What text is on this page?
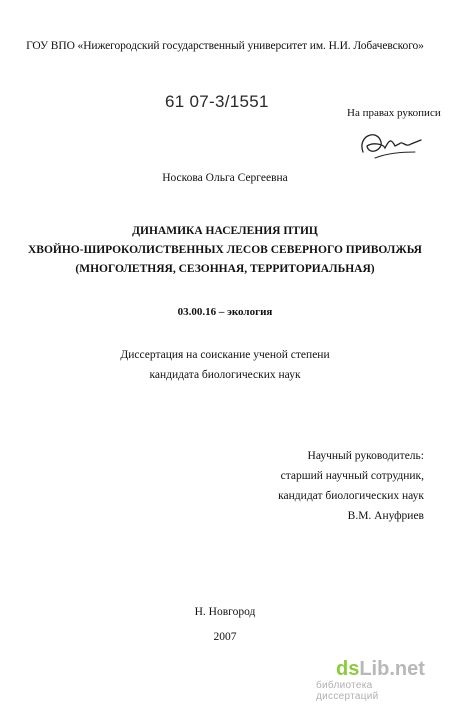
ГОУ ВПО «Нижегородский государственный университет им. Н.И. Лобачевского»
61 07-3/1551
На правах рукописи
Носкова Ольга Сергеевна
ДИНАМИКА НАСЕЛЕНИЯ ПТИЦ
ХВОЙНО-ШИРОКОЛИСТВЕННЫХ ЛЕСОВ СЕВЕРНОГО ПРИВОЛЖЬЯ
(МНОГОЛЕТНЯЯ, СЕЗОННАЯ, ТЕРРИТОРИАЛЬНАЯ)
03.00.16 – экология
Диссертация на соискание ученой степени
кандидата биологических наук
Научный руководитель:
старший научный сотрудник,
кандидат биологических наук
В.М. Ануфриев
Н. Новгород
2007
dsLib.net
библиотека диссертаций
